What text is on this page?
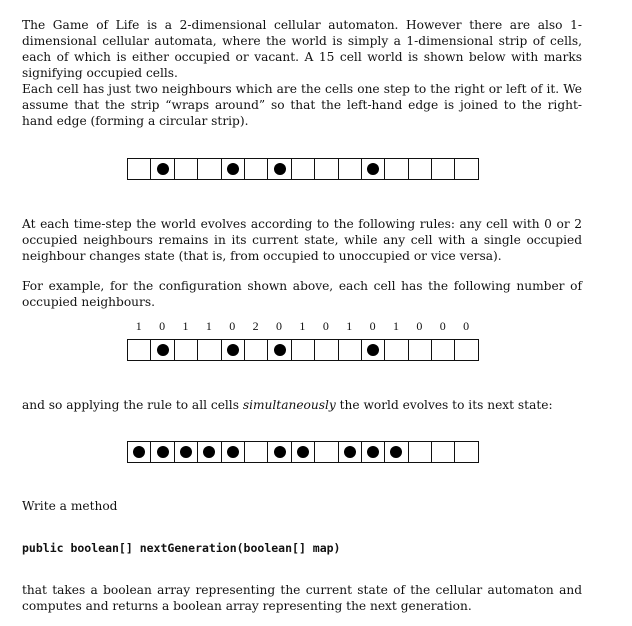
The Game of Life is a 2-dimensional cellular automaton. However there are also 1-dimensional cellular automata, where the world is simply a 1-dimensional strip of cells, each of which is either occupied or vacant. A 15 cell world is shown below with marks signifying occupied cells.

Each cell has just two neighbours which are the cells one step to the right or left of it. We assume that the strip “wraps around” so that the left-hand edge is joined to the right-hand edge (forming a circular strip).

At each time-step the world evolves according to the following rules: any cell with 0 or 2 occupied neighbours remains in its current state, while any cell with a single occupied neighbour changes state (that is, from occupied to unoccupied or vice versa).

For example, for the configuration shown above, each cell has the following number of occupied neighbours.

1	0	1	1	0	2	0	1	0	1	0	1	0	0	0

and so applying the rule to all cells simultaneously the world evolves to its next state:

Write a method

public boolean[] nextGeneration(boolean[] map)

that takes a boolean array representing the current state of the cellular automaton and computes and returns a boolean array representing the next generation.
